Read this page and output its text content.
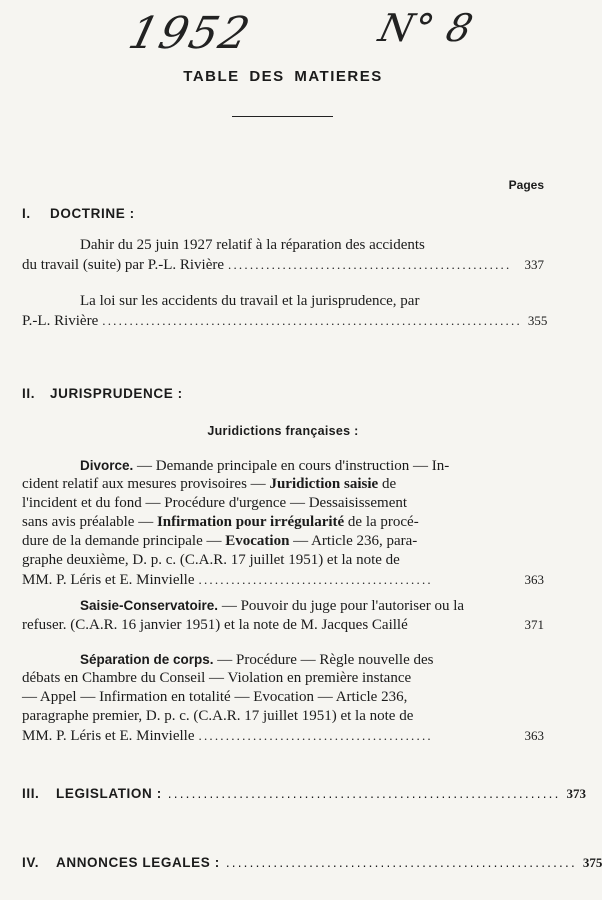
1952	N° 8
TABLE DES MATIERES
Pages
I. DOCTRINE :
Dahir du 25 juin 1927 relatif à la réparation des accidents
du travail (suite) par P.-L. Rivière ....................................................	337
La loi sur les accidents du travail et la jurisprudence, par
P.-L. Rivière ............................................................................. 355
II. JURISPRUDENCE :
Juridictions françaises :
Divorce. — Demande principale en cours d'instruction — In-
cident relatif aux mesures provisoires — Juridiction saisie de
l'incident et du fond — Procédure d'urgence — Dessaisissement
sans avis préalable — Infirmation pour irrégularité de la procé-
dure de la demande principale — Evocation — Article 236, para-
graphe deuxième, D. p. c. (C.A.R. 17 juillet 1951) et la note de
MM. P. Léris et E. Minvielle ...........................................	363
Saisie-Conservatoire. — Pouvoir du juge pour l'autoriser ou la
refuser. (C.A.R. 16 janvier 1951) et la note de M. Jacques Caillé	371
Séparation de corps. — Procédure — Règle nouvelle des
débats en Chambre du Conseil — Violation en première instance
— Appel — Infirmation en totalité — Evocation — Article 236,
paragraphe premier, D. p. c. (C.A.R. 17 juillet 1951) et la note de
MM. P. Léris et E. Minvielle ...........................................	363
III.	LEGISLATION : .................................................................. 373
IV.	ANNONCES LEGALES : ........................................................... 375
